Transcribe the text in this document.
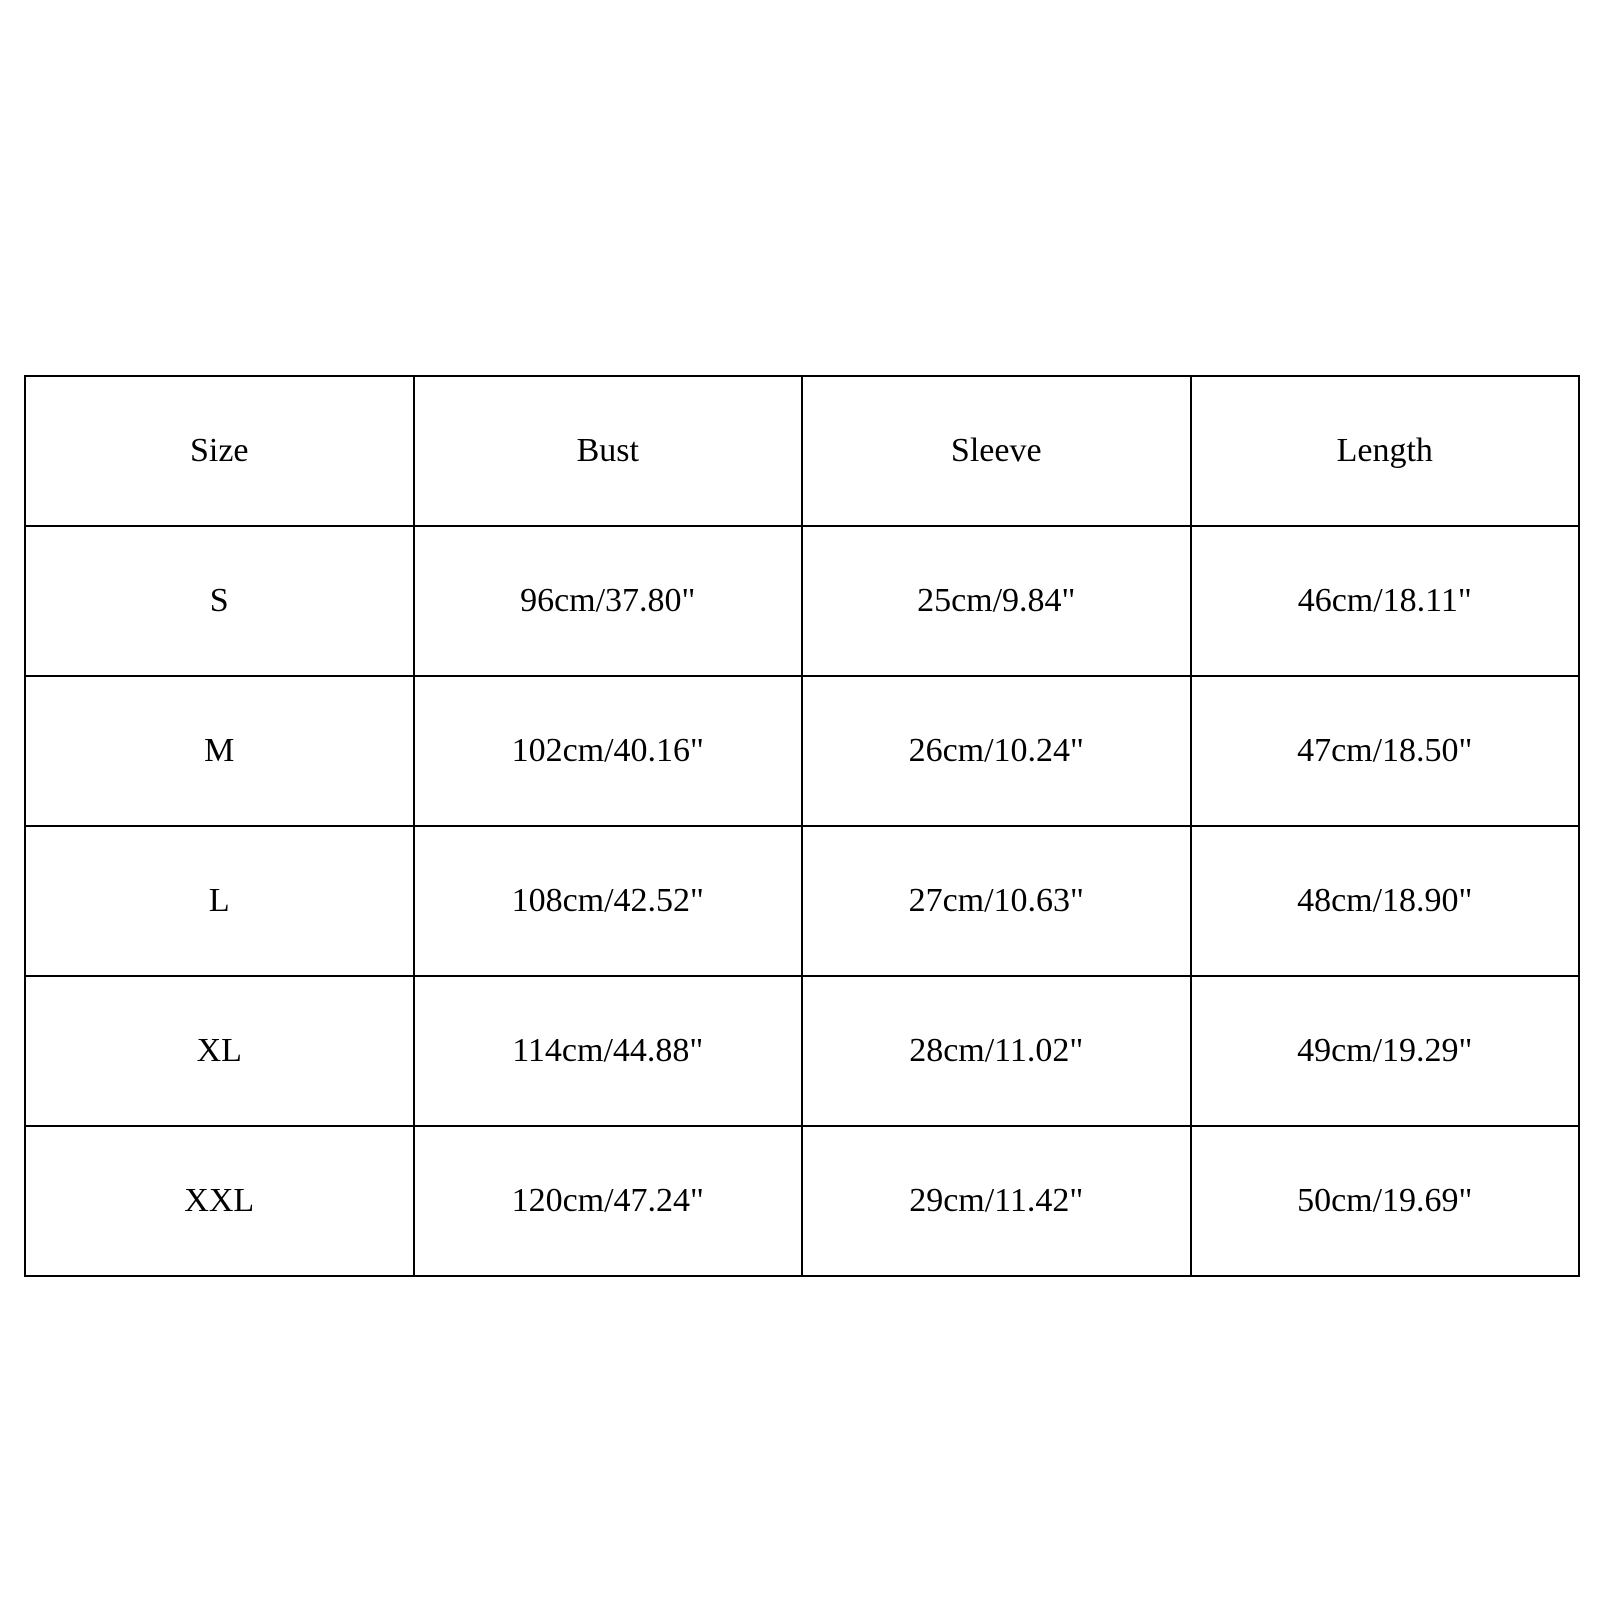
Size	Bust	Sleeve	Length
S	96cm/37.80"	25cm/9.84"	46cm/18.11"
M	102cm/40.16"	26cm/10.24"	47cm/18.50"
L	108cm/42.52"	27cm/10.63"	48cm/18.90"
XL	114cm/44.88"	28cm/11.02"	49cm/19.29"
XXL	120cm/47.24"	29cm/11.42"	50cm/19.69"
